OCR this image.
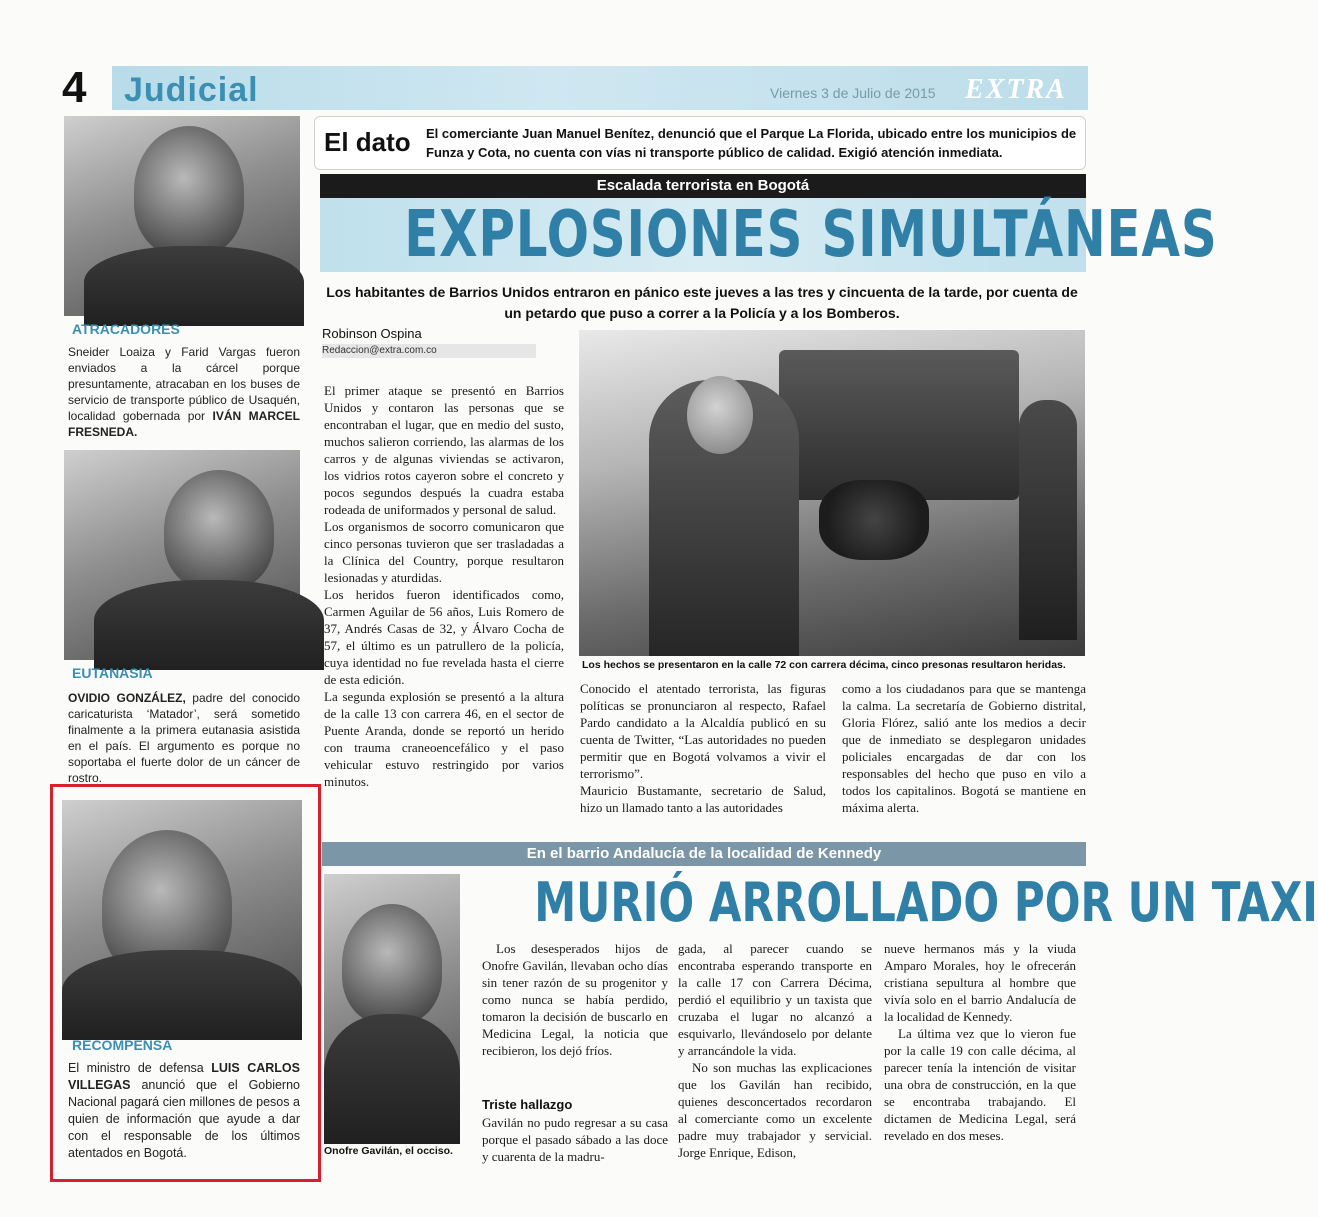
4	Judicial	Viernes 3 de Julio de 2015 EXTRA
ATRACADORES
Sneider Loaiza y Farid Vargas fueron enviados a la cárcel porque presuntamente, atracaban en los buses de servicio de transporte público de Usaquén, localidad gobernada por IVÁN MARCEL FRESNEDA.
EUTANASIA
OVIDIO GONZÁLEZ, padre del conocido caricaturista ‘Matador’, será sometido finalmente a la primera eutanasia asistida en el país. El argumento es porque no soportaba el fuerte dolor de un cáncer de rostro.
RECOMPENSA
El ministro de defensa LUIS CARLOS VILLEGAS anunció que el Gobierno Nacional pagará cien millones de pesos a quien de información que ayude a dar con el responsable de los últimos atentados en Bogotá.
El dato El comerciante Juan Manuel Benítez, denunció que el Parque La Florida, ubicado entre los municipios de Funza y Cota, no cuenta con vías ni transporte público de calidad. Exigió atención inmediata.
Escalada terrorista en Bogotá
EXPLOSIONES SIMULTÁNEAS
Los habitantes de Barrios Unidos entraron en pánico este jueves a las tres y cincuenta de la tarde, por cuenta de un petardo que puso a correr a la Policía y a los Bomberos.
Robinson Ospina
Redaccion@extra.com.co

El primer ataque se presentó en Barrios Unidos y contaron las personas que se encontraban el lugar, que en medio del susto, muchos salieron corriendo, las alarmas de los carros y de algunas viviendas se activaron, los vidrios rotos cayeron sobre el concreto y pocos segundos después la cuadra estaba rodeada de uniformados y personal de salud.

Los organismos de socorro comunicaron que cinco personas tuvieron que ser trasladadas a la Clínica del Country, porque resultaron lesionadas y aturdidas.

Los heridos fueron identificados como, Carmen Aguilar de 56 años, Luis Romero de 37, Andrés Casas de 32, y Álvaro Cocha de 57, el último es un patrullero de la policía, cuya identidad no fue revelada hasta el cierre de esta edición.

La segunda explosión se presentó a la altura de la calle 13 con carrera 46, en el sector de Puente Aranda, donde se reportó un herido con trauma craneoencefálico y el paso vehicular estuvo restringido por varios minutos.

Los hechos se presentaron en la calle 72 con carrera décima, cinco presonas resultaron heridas.

Conocido el atentado terrorista, las figuras políticas se pronunciaron al respecto, Rafael Pardo candidato a la Alcaldía publicó en su cuenta de Twitter, “Las autoridades no pueden permitir que en Bogotá volvamos a vivir el terrorismo”.

Mauricio Bustamante, secretario de Salud, hizo un llamado tanto a las autoridades

como a los ciudadanos para que se mantenga la calma. La secretaría de Gobierno distrital, Gloria Flórez, salió ante los medios a decir que de inmediato se desplegaron unidades policiales encargadas de dar con los responsables del hecho que puso en vilo a todos los capitalinos. Bogotá se mantiene en máxima alerta.

En el barrio Andalucía de la localidad de Kennedy
MURIÓ ARROLLADO POR UN TAXI
Onofre Gavilán, el occiso.
Los desesperados hijos de Onofre Gavilán, llevaban ocho días sin tener razón de su progenitor y como nunca se había perdido, tomaron la decisión de buscarlo en Medicina Legal, la noticia que recibieron, los dejó fríos.
Triste hallazgo
Gavilán no pudo regresar a su casa porque el pasado sábado a las doce y cuarenta de la madru-

gada, al parecer cuando se encontraba esperando transporte en la calle 17 con Carrera Décima, perdió el equilibrio y un taxista que cruzaba el lugar no alcanzó a esquivarlo, llevándoselo por delante y arrancándole la vida.

No son muchas las explicaciones que los Gavilán han recibido, quienes desconcertados recordaron al comerciante como un excelente padre muy trabajador y servicial. Jorge Enrique, Edison,

nueve hermanos más y la viuda Amparo Morales, hoy le ofrecerán cristiana sepultura al hombre que vivía solo en el barrio Andalucía de la localidad de Kennedy.

La última vez que lo vieron fue por la calle 19 con calle décima, al parecer tenía la intención de visitar una obra de construcción, en la que se encontraba trabajando. El dictamen de Medicina Legal, será revelado en dos meses.
